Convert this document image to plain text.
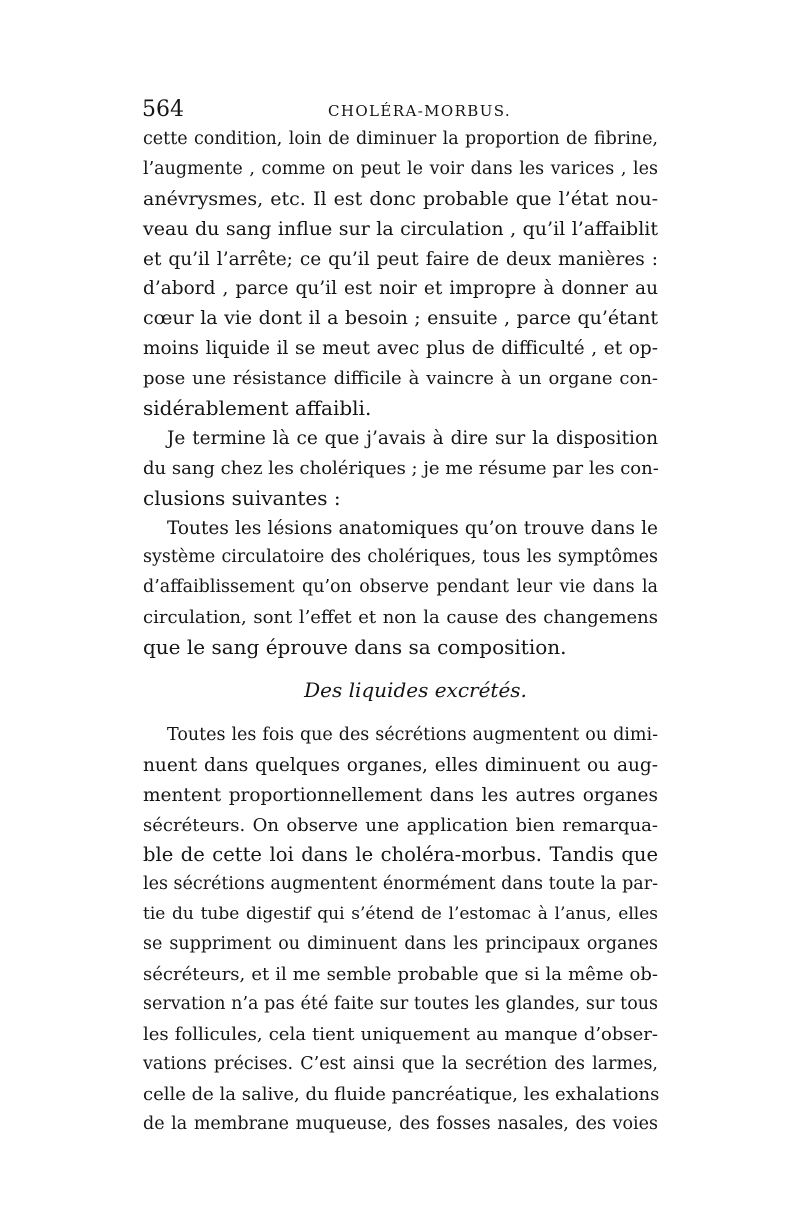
564	CHOLÉRA-MORBUS.
cette condition, loin de diminuer la proportion de fibrine,
l’augmente , comme on peut le voir dans les varices , les
anévrysmes, etc. Il est donc probable que l’état nou-
veau du sang influe sur la circulation , qu’il l’affaiblit
et qu’il l’arrête; ce qu’il peut faire de deux manières :
d’abord , parce qu’il est noir et impropre à donner au
cœur la vie dont il a besoin ; ensuite , parce qu’étant
moins liquide il se meut avec plus de difficulté , et op-
pose une résistance difficile à vaincre à un organe con-
sidérablement affaibli.
Je termine là ce que j’avais à dire sur la disposition
du sang chez les cholériques ; je me résume par les con-
clusions suivantes :
Toutes les lésions anatomiques qu’on trouve dans le
système circulatoire des cholériques, tous les symptômes
d’affaiblissement qu’on observe pendant leur vie dans la
circulation, sont l’effet et non la cause des changemens
que le sang éprouve dans sa composition.
Des liquides excrétés.
Toutes les fois que des sécrétions augmentent ou dimi-
nuent dans quelques organes, elles diminuent ou aug-
mentent proportionnellement dans les autres organes
sécréteurs. On observe une application bien remarqua-
ble de cette loi dans le choléra-morbus. Tandis que
les sécrétions augmentent énormément dans toute la par-
tie du tube digestif qui s’étend de l’estomac à l’anus, elles
se suppriment ou diminuent dans les principaux organes
sécréteurs, et il me semble probable que si la même ob-
servation n’a pas été faite sur toutes les glandes, sur tous
les follicules, cela tient uniquement au manque d’obser-
vations précises. C’est ainsi que la secrétion des larmes,
celle de la salive, du fluide pancréatique, les exhalations
de la membrane muqueuse, des fosses nasales, des voies
